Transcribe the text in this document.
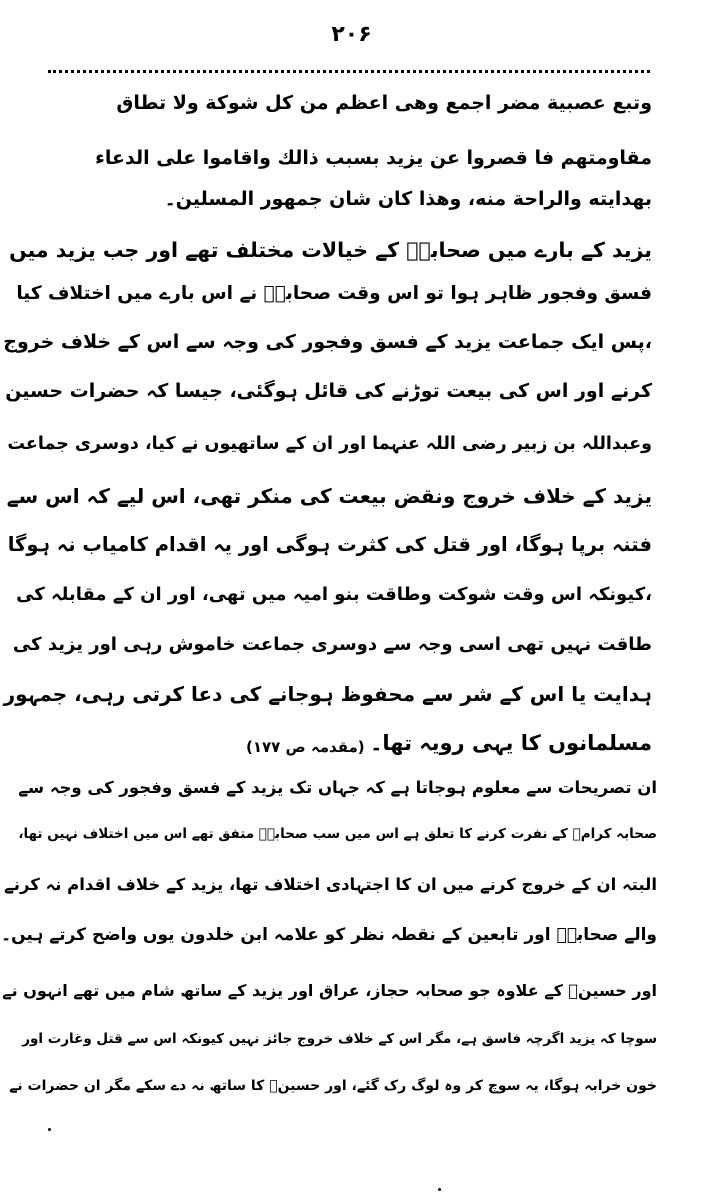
۲۰۶
وتبع عصبية مضر اجمع وهى اعظم من كل شوكة ولا تطاق
مقاومتهم فا قصروا عن يزيد بسبب ذالك واقاموا على الدعاء
بهدايته والراحة منه، وهذا كان شان جمهور المسلين۔
یزید کے بارے میں صحابہؓ کے خیالات مختلف تھے اور جب یزید میں
فسق وفجور ظاہر ہوا تو اس وقت صحابہؓ نے اس بارے میں اختلاف کیا
،پس ایک جماعت یزید کے فسق وفجور کی وجہ سے اس کے خلاف خروج
کرنے اور اس کی بیعت توڑنے کی قائل ہوگئی، جیسا کہ حضرات حسین
وعبداللہ بن زبیر رضی اللہ عنہما اور ان کے ساتھیوں نے کیا، دوسری جماعت
یزید کے خلاف خروج ونقض بیعت کی منکر تھی، اس لیے کہ اس سے
فتنہ برپا ہوگا، اور قتل کی کثرت ہوگی اور یہ اقدام کامیاب نہ ہوگا
،کیونکہ اس وقت شوکت وطاقت بنو امیہ میں تھی، اور ان کے مقابلہ کی
طاقت نہیں تھی اسی وجہ سے دوسری جماعت خاموش رہی اور یزید کی
ہدایت یا اس کے شر سے محفوظ ہوجانے کی دعا کرتی رہی، جمہور
مسلمانوں کا یہی رویہ تھا۔
(مقدمہ ص ۱۷۷)
ان تصریحات سے معلوم ہوجاتا ہے کہ جہاں تک یزید کے فسق وفجور کی وجہ سے
صحابہ کرامؓ کے نفرت کرنے کا تعلق ہے اس میں سب صحابہؓ متفق تھے اس میں اختلاف نہیں تھا،
البتہ ان کے خروج کرنے میں ان کا اجتہادی اختلاف تھا، یزید کے خلاف اقدام نہ کرنے
والے صحابہؓ اور تابعین کے نقطہ نظر کو علامہ ابن خلدون یوں واضح کرتے ہیں۔
اور حسینؓ کے علاوہ جو صحابہ حجاز، عراق اور یزید کے ساتھ شام میں تھے انہوں نے
سوچا کہ یزید اگرچہ فاسق ہے، مگر اس کے خلاف خروج جائز نہیں کیونکہ اس سے قتل وغارت اور
خون خرابہ ہوگا، یہ سوچ کر وہ لوگ رک گئے، اور حسینؓ کا ساتھ نہ دے سکے مگر ان حضرات نے
